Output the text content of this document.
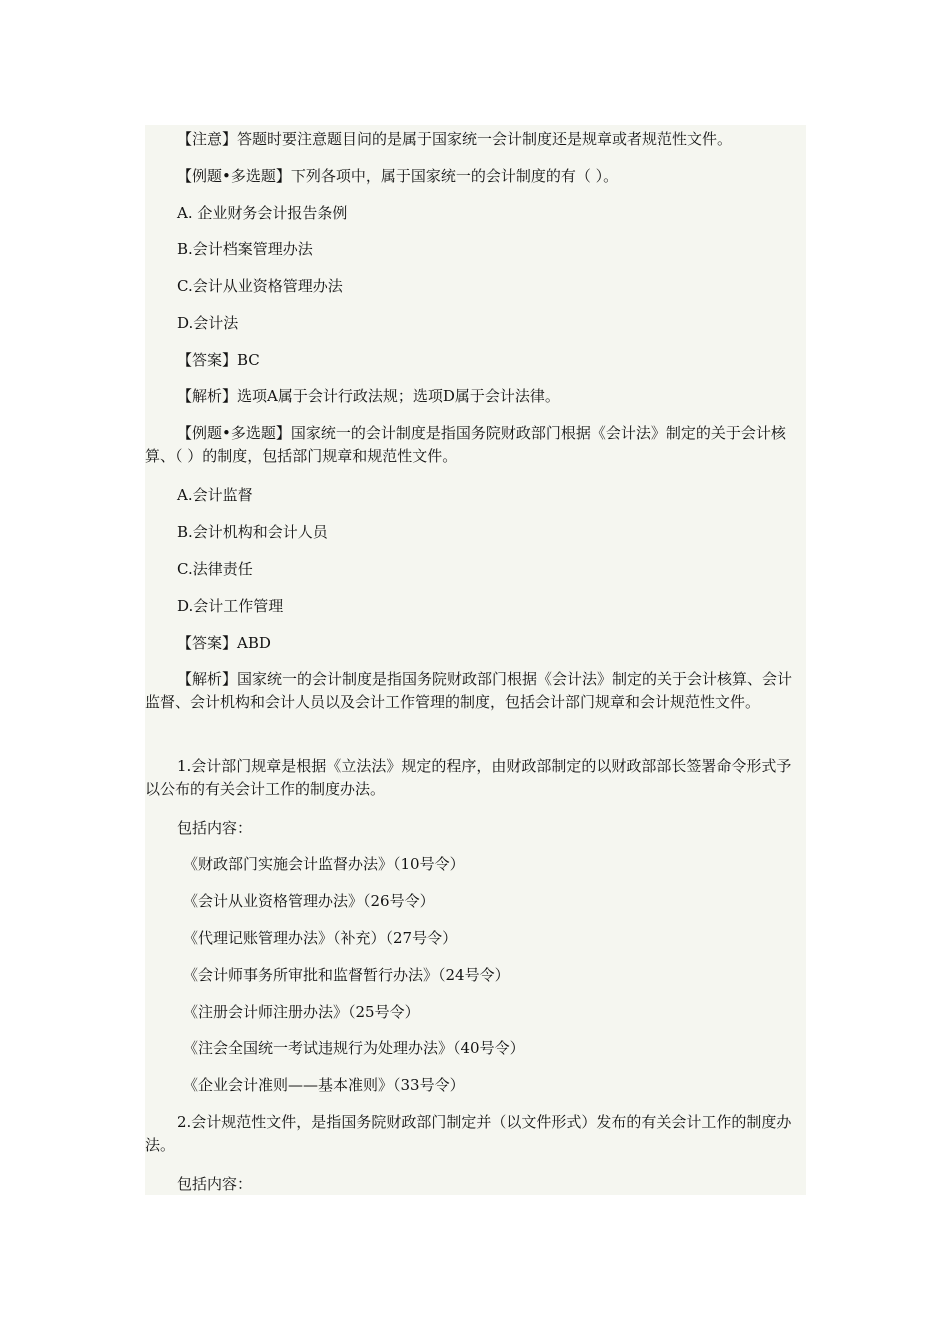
【注意】答题时要注意题目问的是属于国家统一会计制度还是规章或者规范性文件。

【例题•多选题】下列各项中，属于国家统一的会计制度的有（ ）。

A. 企业财务会计报告条例

B.会计档案管理办法

C.会计从业资格管理办法

D.会计法

【答案】BC

【解析】选项A属于会计行政法规；选项D属于会计法律。

【例题•多选题】国家统一的会计制度是指国务院财政部门根据《会计法》制定的关于会计核算、（ ）的制度，包括部门规章和规范性文件。

A.会计监督

B.会计机构和会计人员

C.法律责任

D.会计工作管理

【答案】ABD

【解析】国家统一的会计制度是指国务院财政部门根据《会计法》制定的关于会计核算、会计监督、会计机构和会计人员以及会计工作管理的制度，包括会计部门规章和会计规范性文件。

1.会计部门规章是根据《立法法》规定的程序，由财政部制定的以财政部部长签署命令形式予以公布的有关会计工作的制度办法。

包括内容：

《财政部门实施会计监督办法》（10号令）

《会计从业资格管理办法》（26号令）

《代理记账管理办法》（补充）（27号令）

《会计师事务所审批和监督暂行办法》（24号令）

《注册会计师注册办法》（25号令）

《注会全国统一考试违规行为处理办法》（40号令）

《企业会计准则——基本准则》（33号令）

2.会计规范性文件，是指国务院财政部门制定并（以文件形式）发布的有关会计工作的制度办法。

包括内容：
